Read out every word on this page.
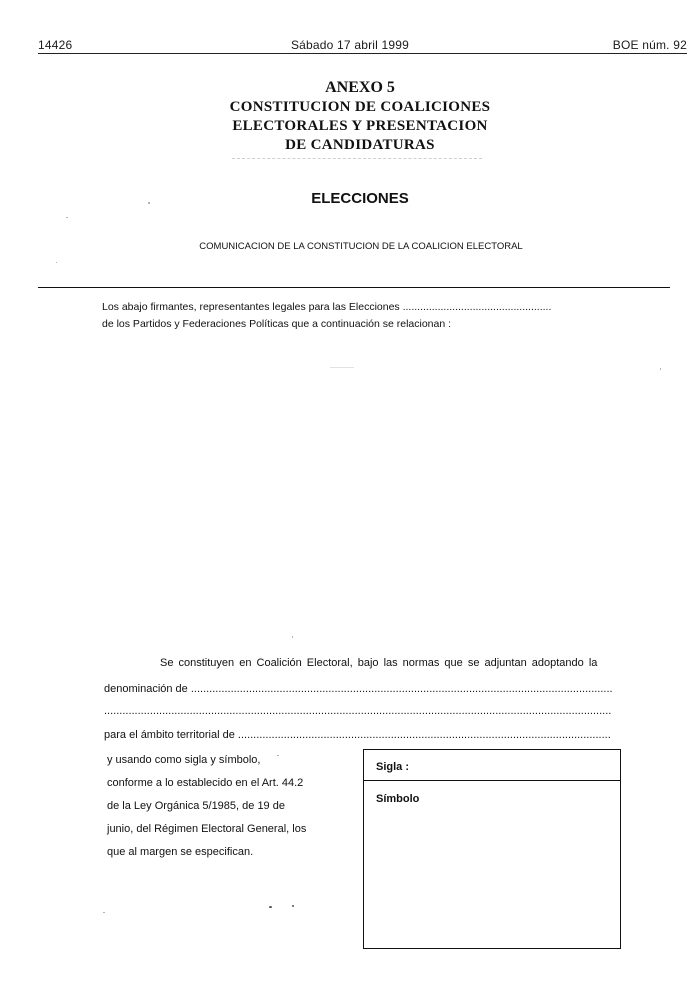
14426	Sábado 17 abril 1999	BOE núm. 92
ANEXO 5
CONSTITUCION DE COALICIONES
ELECTORALES Y PRESENTACION
DE CANDIDATURAS
ELECCIONES
COMUNICACION DE LA CONSTITUCION DE LA COALICION ELECTORAL
Los abajo firmantes, representantes legales para las Elecciones ...................................................
de los Partidos y Federaciones Políticas que a continuación se relacionan :
Se constituyen en Coalición Electoral, bajo las normas que se adjuntan adoptando la
denominación de ..........................................................................................................................................
......................................................................................................................................................................
para el ámbito territorial de ..........................................................................................................................
y usando como sigla y símbolo,
conforme a lo establecido en el Art. 44.2
de la Ley Orgánica 5/1985, de 19 de
junio, del Régimen Electoral General, los
que al margen se especifican.
Sigla :
Símbolo
